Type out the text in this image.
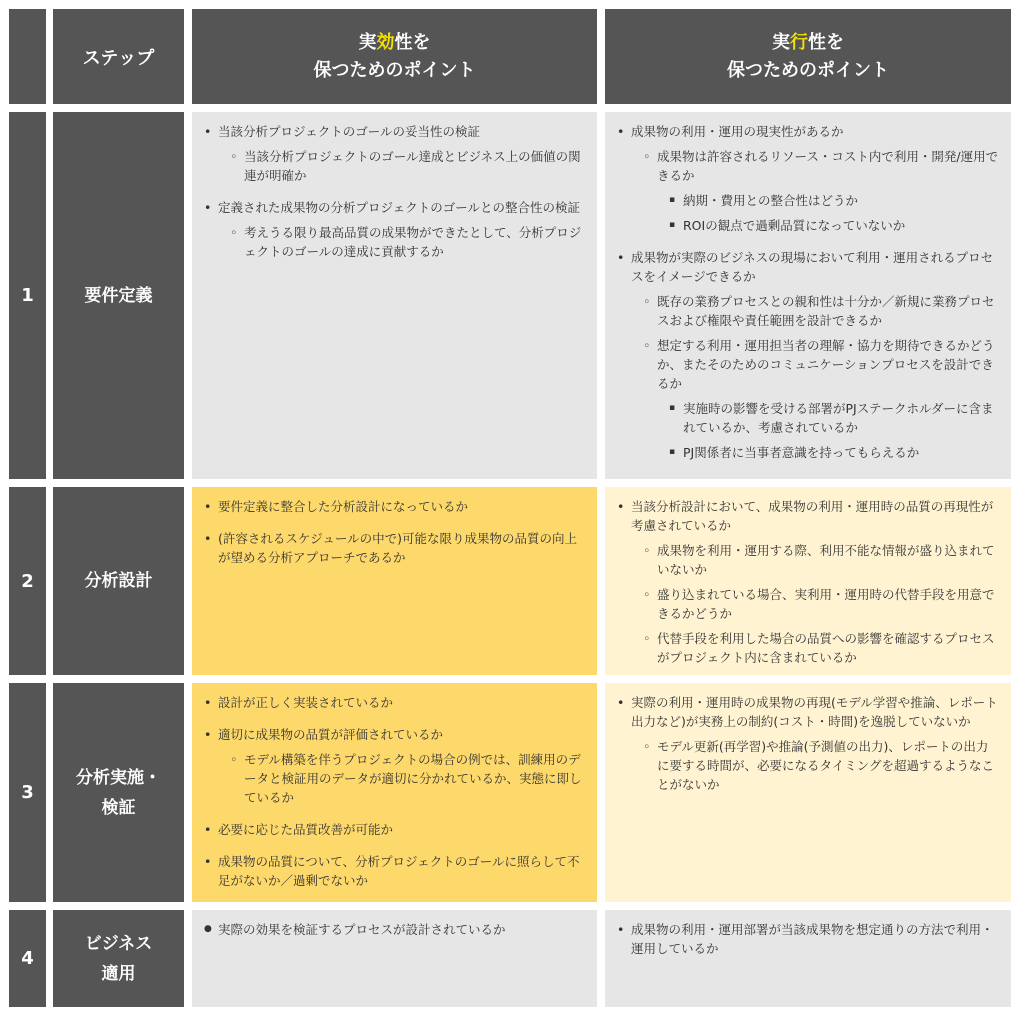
ステップ
実効性を
保つためのポイント
実行性を
保つためのポイント
1	要件定義
• 当該分析プロジェクトのゴールの妥当性の検証
◦ 当該分析プロジェクトのゴール達成とビジネス上の価値の関連が明確か
• 定義された成果物の分析プロジェクトのゴールとの整合性の検証
◦ 考えうる限り最高品質の成果物ができたとして、分析プロジェクトのゴールの達成に貢献するか
• 成果物の利用・運用の現実性があるか
◦ 成果物は許容されるリソース・コスト内で利用・開発/運用できるか
▪ 納期・費用との整合性はどうか
▪ ROIの観点で過剰品質になっていないか
• 成果物が実際のビジネスの現場において利用・運用されるプロセスをイメージできるか
◦ 既存の業務プロセスとの親和性は十分か／新規に業務プロセスおよび権限や責任範囲を設計できるか
◦ 想定する利用・運用担当者の理解・協力を期待できるかどうか、またそのためのコミュニケーションプロセスを設計できるか
▪ 実施時の影響を受ける部署がPJステークホルダーに含まれているか、考慮されているか
▪ PJ関係者に当事者意識を持ってもらえるか
2	分析設計
• 要件定義に整合した分析設計になっているか
• (許容されるスケジュールの中で)可能な限り成果物の品質の向上が望める分析アプローチであるか
• 当該分析設計において、成果物の利用・運用時の品質の再現性が考慮されているか
◦ 成果物を利用・運用する際、利用不能な情報が盛り込まれていないか
◦ 盛り込まれている場合、実利用・運用時の代替手段を用意できるかどうか
◦ 代替手段を利用した場合の品質への影響を確認するプロセスがプロジェクト内に含まれているか
3
分析実施・
検証
• 設計が正しく実装されているか
• 適切に成果物の品質が評価されているか
◦ モデル構築を伴うプロジェクトの場合の例では、訓練用のデータと検証用のデータが適切に分かれているか、実態に即しているか
• 必要に応じた品質改善が可能か
• 成果物の品質について、分析プロジェクトのゴールに照らして不足がないか／過剰でないか
• 実際の利用・運用時の成果物の再現(モデル学習や推論、レポート出力など)が実務上の制約(コスト・時間)を逸脱していないか
◦ モデル更新(再学習)や推論(予測値の出力)、レポートの出力に要する時間が、必要になるタイミングを超過するようなことがないか
4
ビジネス
適用
● 実際の効果を検証するプロセスが設計されているか
•	成果物の利用・運用部署が当該成果物を想定通りの方法で利用・運用しているか
